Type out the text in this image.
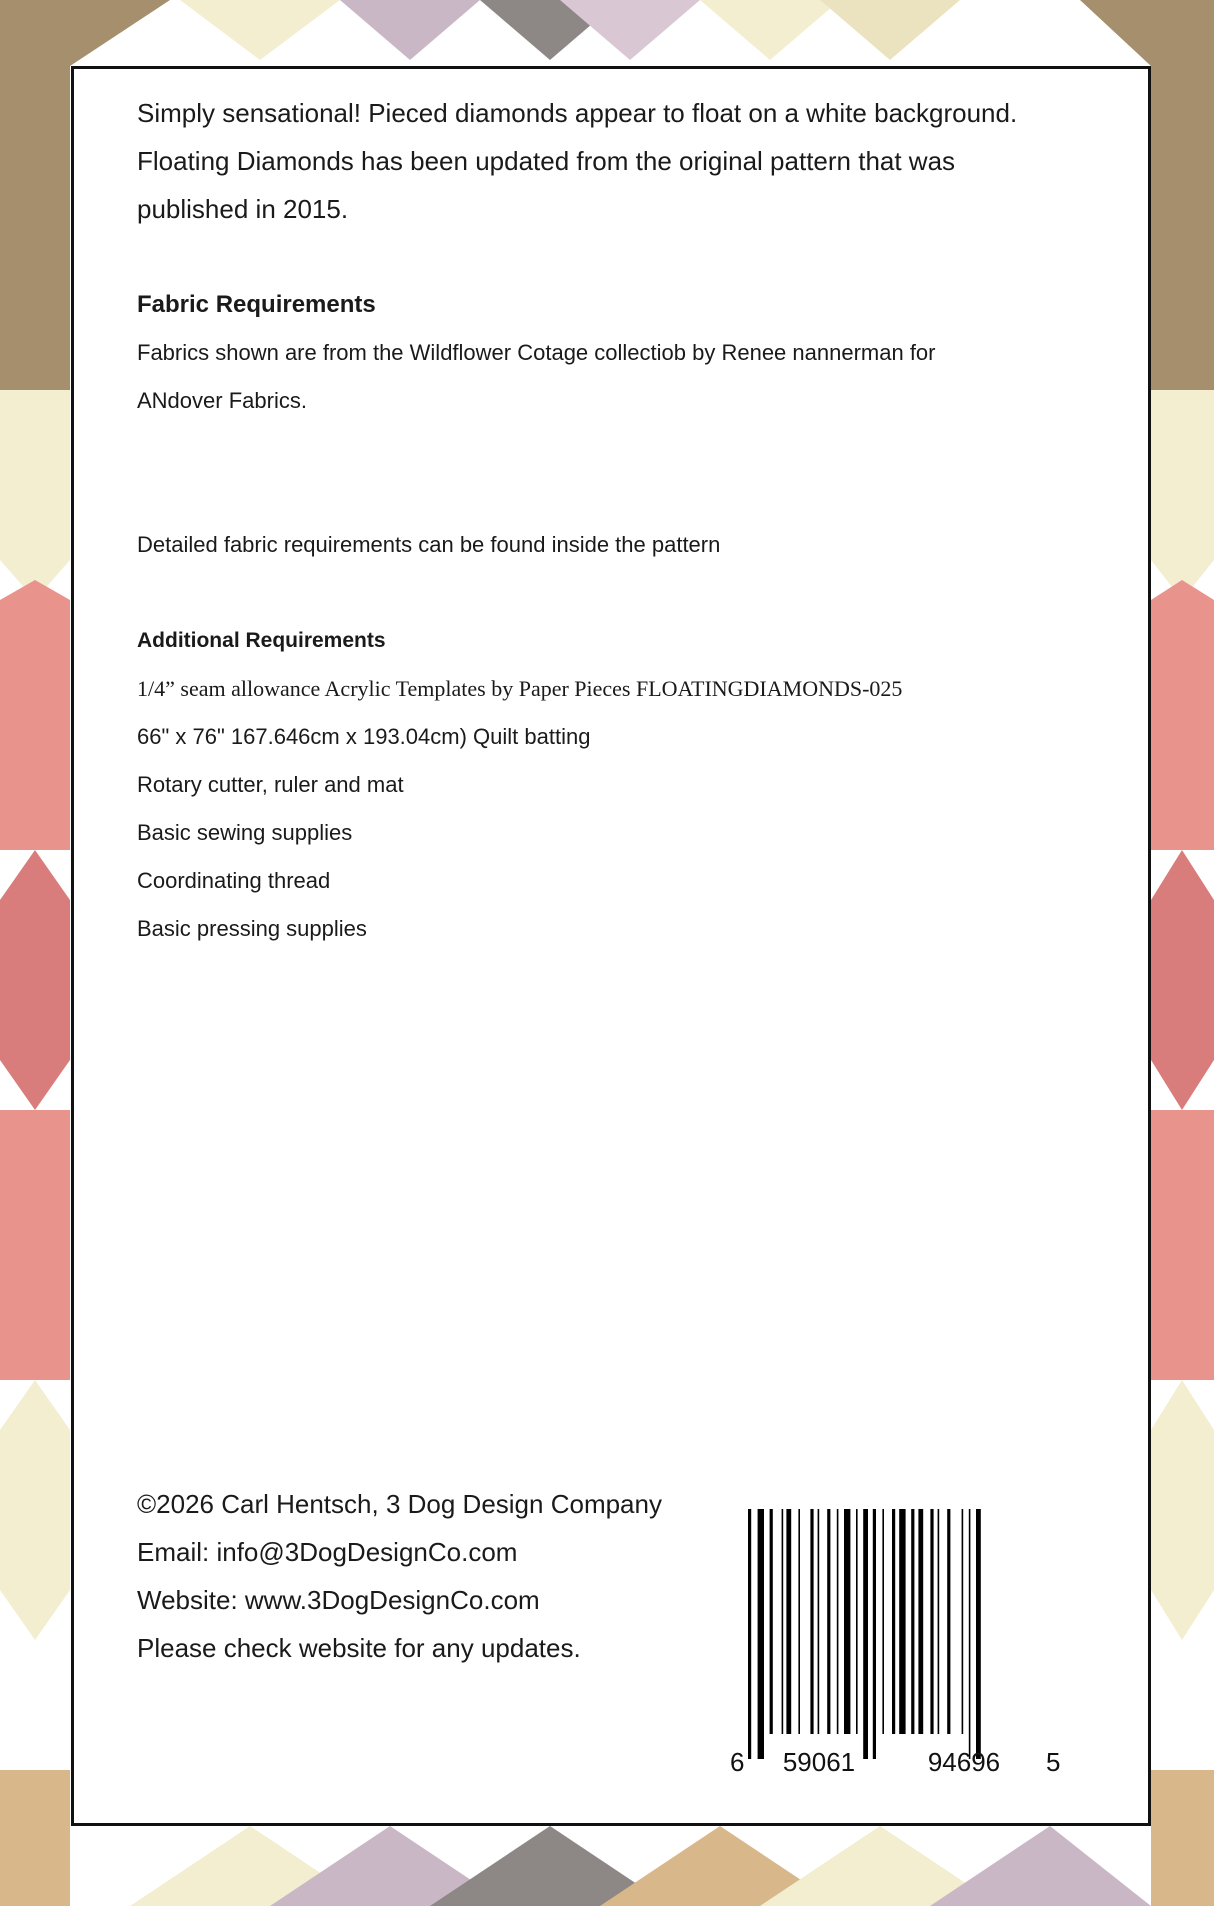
Simply sensational! Pieced diamonds appear to float on a white background. Floating Diamonds has been updated from the original pattern that was published in 2015.

Fabric Requirements

Fabrics shown are from the Wildflower Cotage collectiob by Renee nannerman for

ANdover Fabrics.

Detailed fabric requirements can be found inside the pattern

Additional Requirements

1/4” seam allowance Acrylic Templates by Paper Pieces FLOATINGDIAMONDS-025

66" x 76" 167.646cm x 193.04cm) Quilt batting

Rotary cutter, ruler and mat

Basic sewing supplies

Coordinating thread

Basic pressing supplies

©2026 Carl Hentsch, 3 Dog Design Company

Email: info@3DogDesignCo.com

Website: www.3DogDesignCo.com

Please check website for any updates.

6 59061	94696 5
